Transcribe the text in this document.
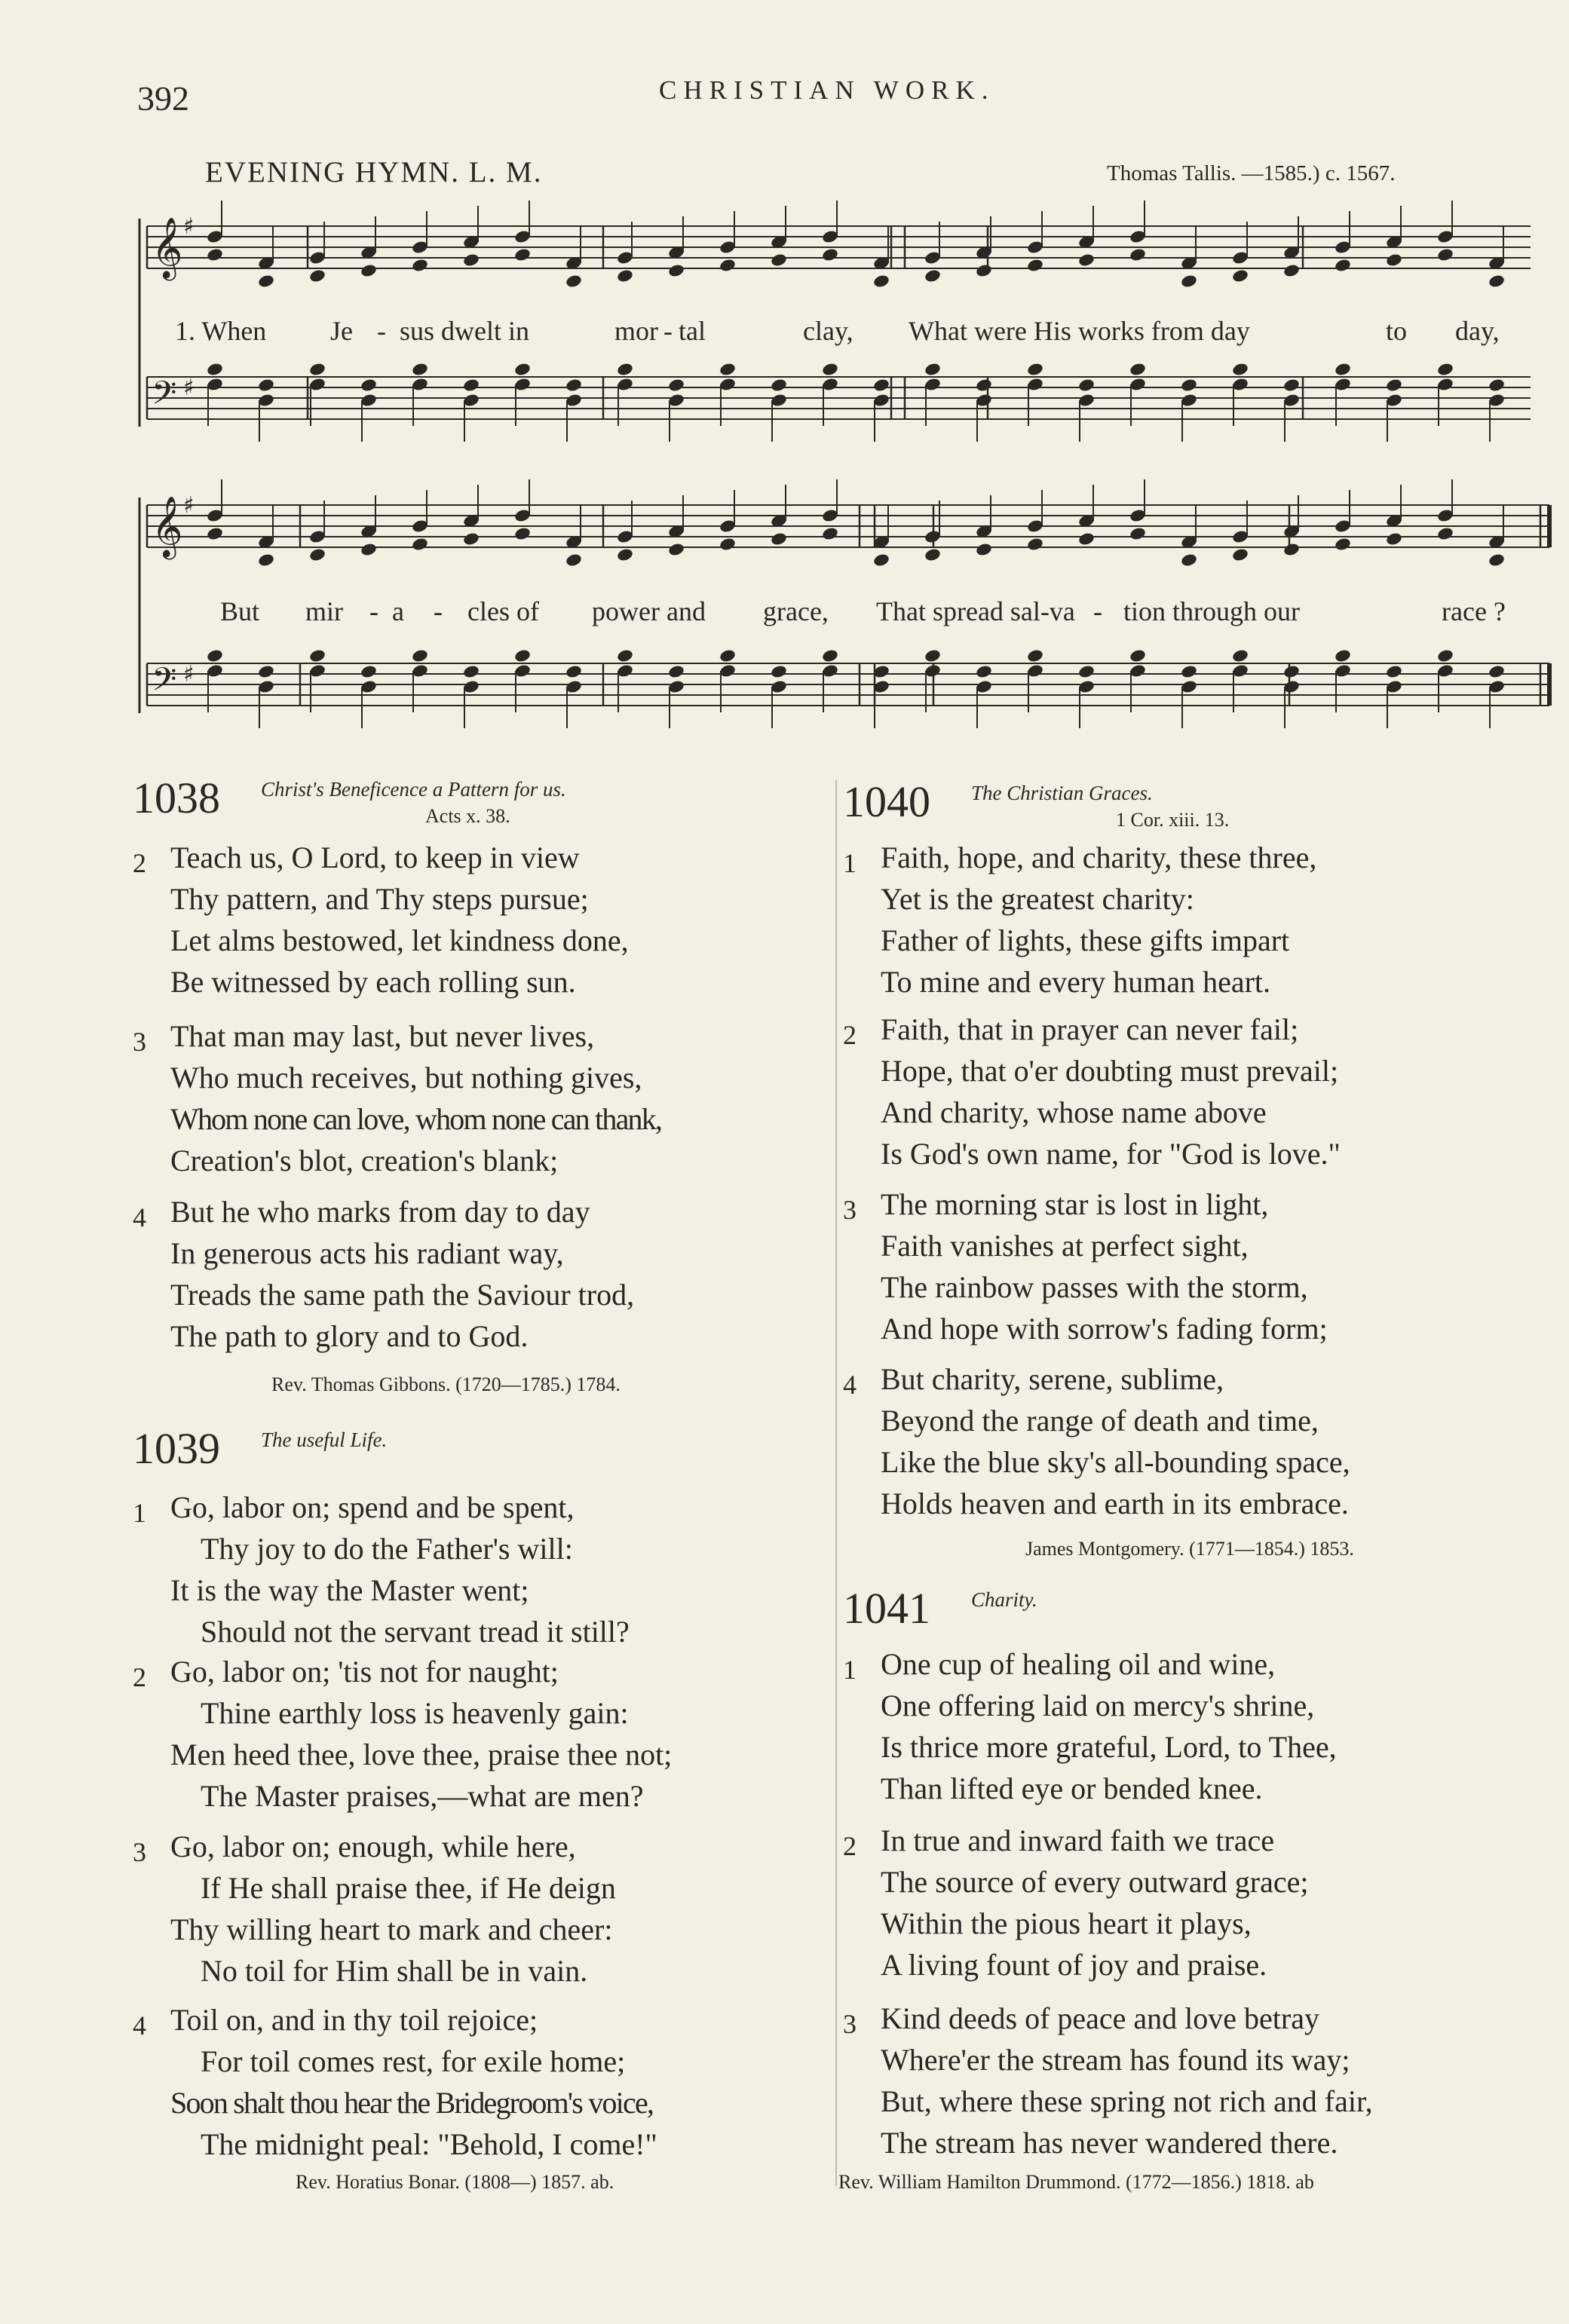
392	CHRISTIAN WORK.
EVENING HYMN. L. M.	Thomas Tallis. —1585.) c. 1567.
𝄞 ♯
𝄢 ♯
𝄞 ♯
𝄢 ♯
1. When Je - sus dwelt in	mor - tal	clay, What were His works from day	to day,
But mir - a - cles of power and grace, That spread sal-va - tion through our	race ?
1038 Christ's Beneficence a Pattern for us.
Acts x. 38.
2 Teach us, O Lord, to keep in view
Thy pattern, and Thy steps pursue;
Let alms bestowed, let kindness done,
Be witnessed by each rolling sun.
3 That man may last, but never lives,
Who much receives, but nothing gives,
Whom none can love, whom none can thank,
Creation's blot, creation's blank;
4 But he who marks from day to day
In generous acts his radiant way,
Treads the same path the Saviour trod,
The path to glory and to God.
Rev. Thomas Gibbons. (1720—1785.) 1784.
1039 The useful Life.
1 Go, labor on; spend and be spent,
Thy joy to do the Father's will:
It is the way the Master went;
Should not the servant tread it still?
2 Go, labor on; 'tis not for naught;
Thine earthly loss is heavenly gain:
Men heed thee, love thee, praise thee not;
The Master praises,—what are men?
3 Go, labor on; enough, while here,
If He shall praise thee, if He deign
Thy willing heart to mark and cheer:
No toil for Him shall be in vain.
4 Toil on, and in thy toil rejoice;
For toil comes rest, for exile home;
Soon shalt thou hear the Bridegroom's voice,
The midnight peal: "Behold, I come!"
Rev. Horatius Bonar. (1808—) 1857. ab.
1040 The Christian Graces.
1 Cor. xiii. 13.
1 Faith, hope, and charity, these three,
Yet is the greatest charity:
Father of lights, these gifts impart
To mine and every human heart.
2 Faith, that in prayer can never fail;
Hope, that o'er doubting must prevail;
And charity, whose name above
Is God's own name, for "God is love."
3 The morning star is lost in light,
Faith vanishes at perfect sight,
The rainbow passes with the storm,
And hope with sorrow's fading form;
4 But charity, serene, sublime,
Beyond the range of death and time,
Like the blue sky's all-bounding space,
Holds heaven and earth in its embrace.
James Montgomery. (1771—1854.) 1853.
1041 Charity.
1 One cup of healing oil and wine,
One offering laid on mercy's shrine,
Is thrice more grateful, Lord, to Thee,
Than lifted eye or bended knee.
2 In true and inward faith we trace
The source of every outward grace;
Within the pious heart it plays,
A living fount of joy and praise.
3 Kind deeds of peace and love betray
Where'er the stream has found its way;
But, where these spring not rich and fair,
The stream has never wandered there.
Rev. William Hamilton Drummond. (1772—1856.) 1818. ab
